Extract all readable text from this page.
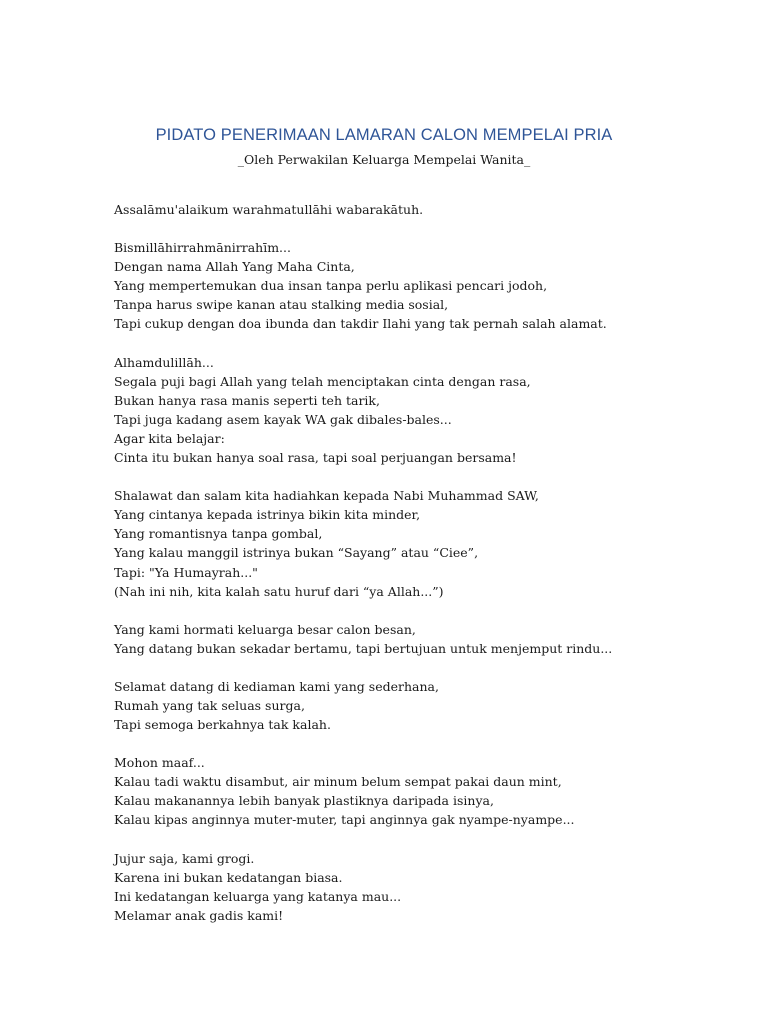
PIDATO PENERIMAAN LAMARAN CALON MEMPELAI PRIA
_Oleh Perwakilan Keluarga Mempelai Wanita_
Assalāmu'alaikum warahmatullāhi wabarakātuh.
Bismillāhirrahmānirrahīm...
Dengan nama Allah Yang Maha Cinta,
Yang mempertemukan dua insan tanpa perlu aplikasi pencari jodoh,
Tanpa harus swipe kanan atau stalking media sosial,
Tapi cukup dengan doa ibunda dan takdir Ilahi yang tak pernah salah alamat.
Alhamdulillāh...
Segala puji bagi Allah yang telah menciptakan cinta dengan rasa,
Bukan hanya rasa manis seperti teh tarik,
Tapi juga kadang asem kayak WA gak dibales-bales...
Agar kita belajar:
Cinta itu bukan hanya soal rasa, tapi soal perjuangan bersama!
Shalawat dan salam kita hadiahkan kepada Nabi Muhammad SAW,
Yang cintanya kepada istrinya bikin kita minder,
Yang romantisnya tanpa gombal,
Yang kalau manggil istrinya bukan “Sayang” atau “Ciee”,
Tapi: "Ya Humayrah..."
(Nah ini nih, kita kalah satu huruf dari “ya Allah...”)
Yang kami hormati keluarga besar calon besan,
Yang datang bukan sekadar bertamu, tapi bertujuan untuk menjemput rindu...
Selamat datang di kediaman kami yang sederhana,
Rumah yang tak seluas surga,
Tapi semoga berkahnya tak kalah.
Mohon maaf...
Kalau tadi waktu disambut, air minum belum sempat pakai daun mint,
Kalau makanannya lebih banyak plastiknya daripada isinya,
Kalau kipas anginnya muter-muter, tapi anginnya gak nyampe-nyampe...
Jujur saja, kami grogi.
Karena ini bukan kedatangan biasa.
Ini kedatangan keluarga yang katanya mau...
Melamar anak gadis kami!
